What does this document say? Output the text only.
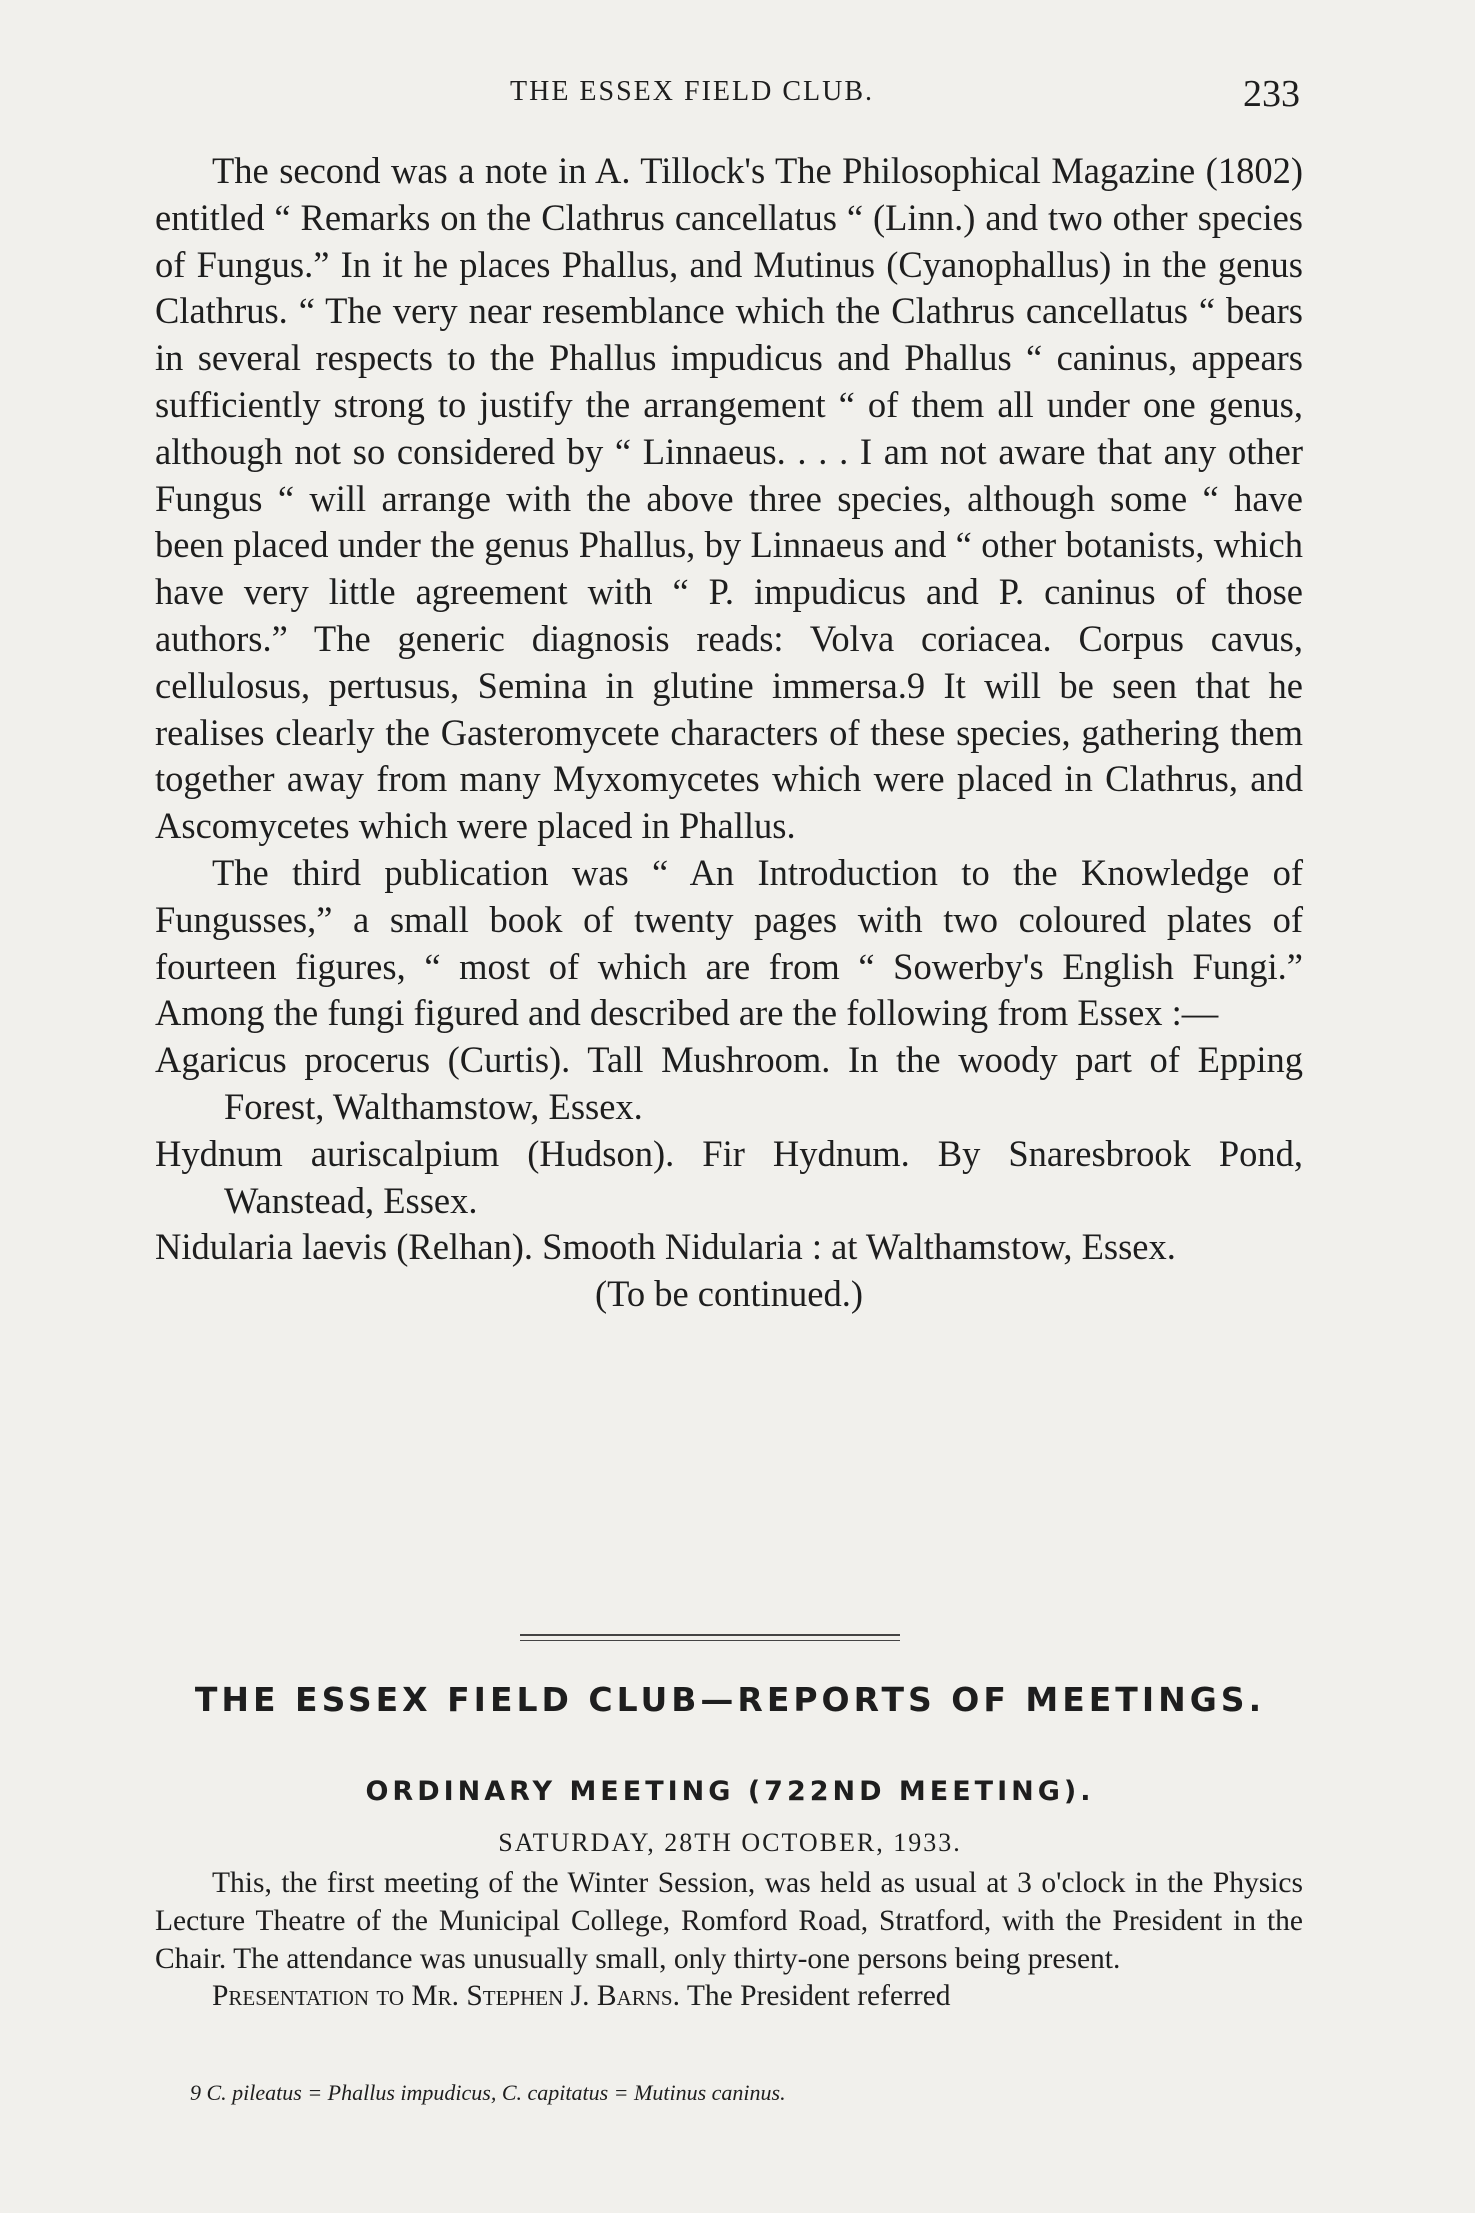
THE ESSEX FIELD CLUB.	233

The second was a note in A. Tillock's The Philosophical Magazine (1802) entitled “ Remarks on the Clathrus cancellatus “ (Linn.) and two other species of Fungus.” In it he places Phallus, and Mutinus (Cyanophallus) in the genus Clathrus. “ The very near resemblance which the Clathrus cancellatus “ bears in several respects to the Phallus impudicus and Phallus “ caninus, appears sufficiently strong to justify the arrangement “ of them all under one genus, although not so considered by “ Linnaeus. . . . I am not aware that any other Fungus “ will arrange with the above three species, although some “ have been placed under the genus Phallus, by Linnaeus and “ other botanists, which have very little agreement with “ P. impudicus and P. caninus of those authors.” The generic diagnosis reads: Volva coriacea. Corpus cavus, cellulosus, pertusus, Semina in glutine immersa.9 It will be seen that he realises clearly the Gasteromycete characters of these species, gathering them together away from many Myxomycetes which were placed in Clathrus, and Ascomycetes which were placed in Phallus.

The third publication was “ An Introduction to the Knowledge of Fungusses,” a small book of twenty pages with two coloured plates of fourteen figures, “ most of which are from “ Sowerby's English Fungi.” Among the fungi figured and described are the following from Essex :—

Agaricus procerus (Curtis). Tall Mushroom. In the woody part of Epping Forest, Walthamstow, Essex.

Hydnum auriscalpium (Hudson). Fir Hydnum. By Snaresbrook Pond, Wanstead, Essex.

Nidularia laevis (Relhan). Smooth Nidularia : at Walthamstow, Essex.

(To be continued.)

THE ESSEX FIELD CLUB—REPORTS OF MEETINGS.
ORDINARY MEETING (722ND MEETING).
SATURDAY, 28TH OCTOBER, 1933.

This, the first meeting of the Winter Session, was held as usual at 3 o'clock in the Physics Lecture Theatre of the Municipal College, Romford Road, Stratford, with the President in the Chair. The attendance was unusually small, only thirty-one persons being present.

Presentation to Mr. Stephen J. Barns. The President referred

9 C. pileatus = Phallus impudicus, C. capitatus = Mutinus caninus.
